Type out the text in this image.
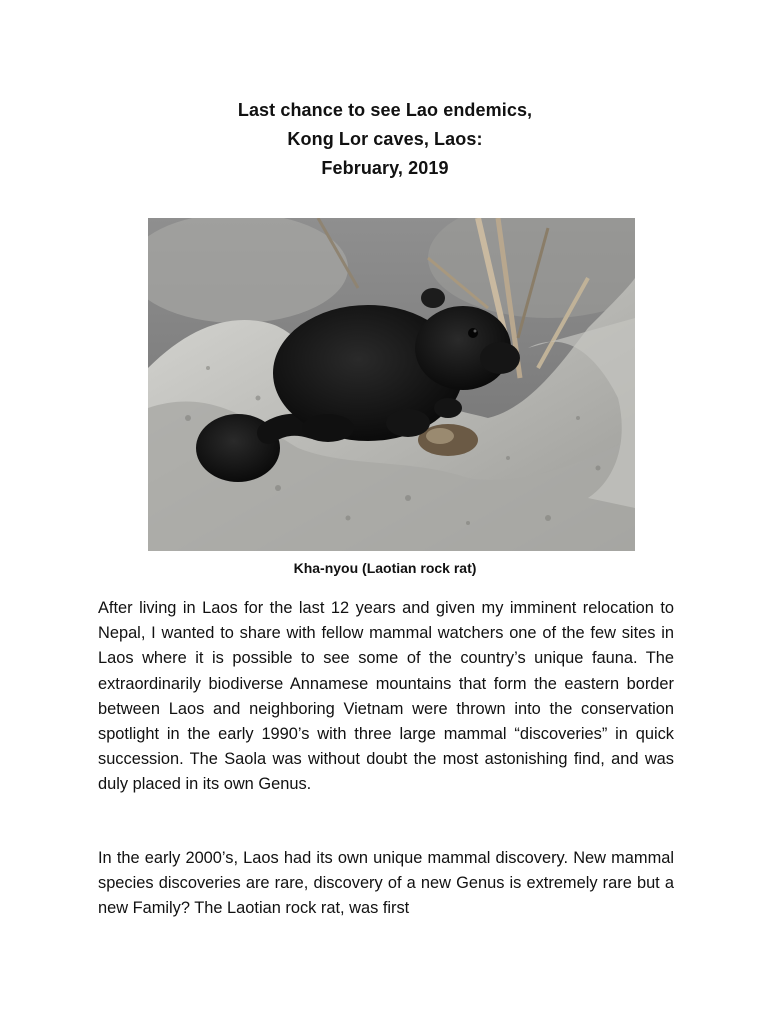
Last chance to see Lao endemics,
Kong Lor caves, Laos:
February, 2019
Kha-nyou (Laotian rock rat)

After living in Laos for the last 12 years and given my imminent relocation to Nepal, I wanted to share with fellow mammal watchers one of the few sites in Laos where it is possible to see some of the country’s unique fauna. The extraordinarily biodiverse Annamese mountains that form the eastern border between Laos and neighboring Vietnam were thrown into the conservation spotlight in the early 1990’s with three large mammal “discoveries” in quick succession. The Saola was without doubt the most astonishing find, and was duly placed in its own Genus.

In the early 2000’s, Laos had its own unique mammal discovery. New mammal species discoveries are rare, discovery of a new Genus is extremely rare but a new Family? The Laotian rock rat, was first
